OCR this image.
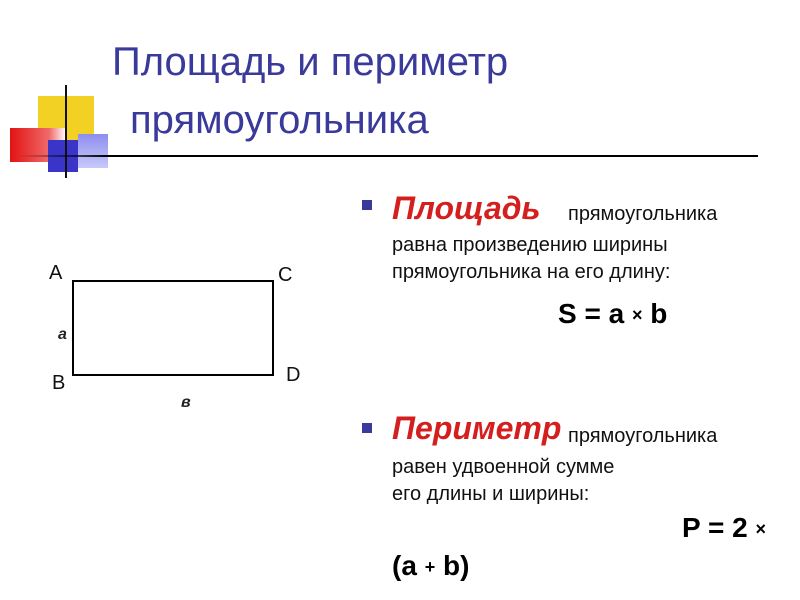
Площадь и периметр
прямоугольника
A
B
C
D
a
в
Площадь прямоугольника
равна произведению ширины
прямоугольника на его длину:
S = a × b
Периметр прямоугольника
равен удвоенной сумме
его длины и ширины:
P = 2 ×
(a + b)
